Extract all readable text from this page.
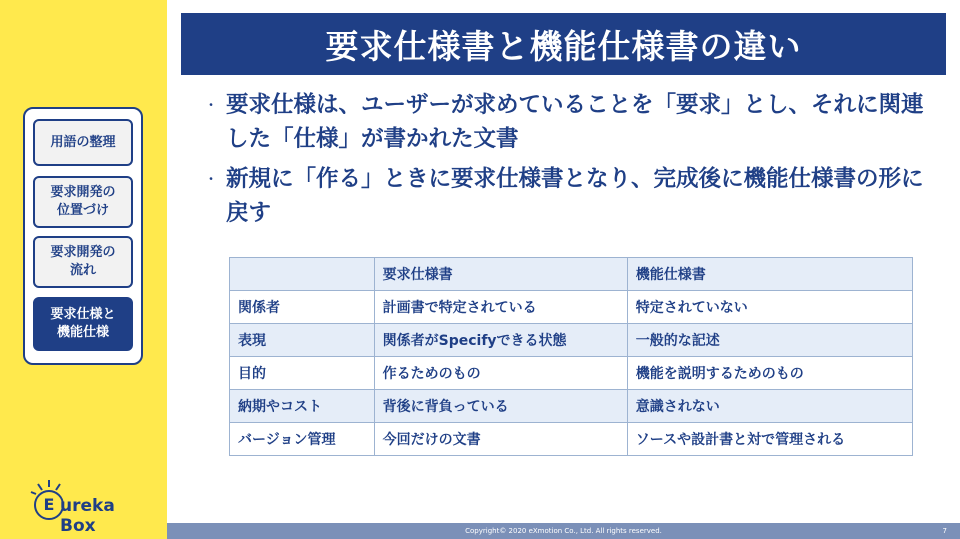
用語の整理
要求開発の
位置づけ
要求開発の
流れ
要求仕様と
機能仕様
E ureka Box
要求仕様書と機能仕様書の違い
・ 要求仕様は、ユーザーが求めていることを「要求」とし、それに関連した「仕様」が書かれた文書
・ 新規に「作る」ときに要求仕様書となり、完成後に機能仕様書の形に戻す
	要求仕様書	機能仕様書
関係者	計画書で特定されている	特定されていない
表現	関係者がSpecifyできる状態	一般的な記述
目的	作るためのもの	機能を説明するためのもの
納期やコスト	背後に背負っている	意識されない
バージョン管理	今回だけの文書	ソースや設計書と対で管理される
Copyright© 2020 eXmotion Co., Ltd. All rights reserved.	7
